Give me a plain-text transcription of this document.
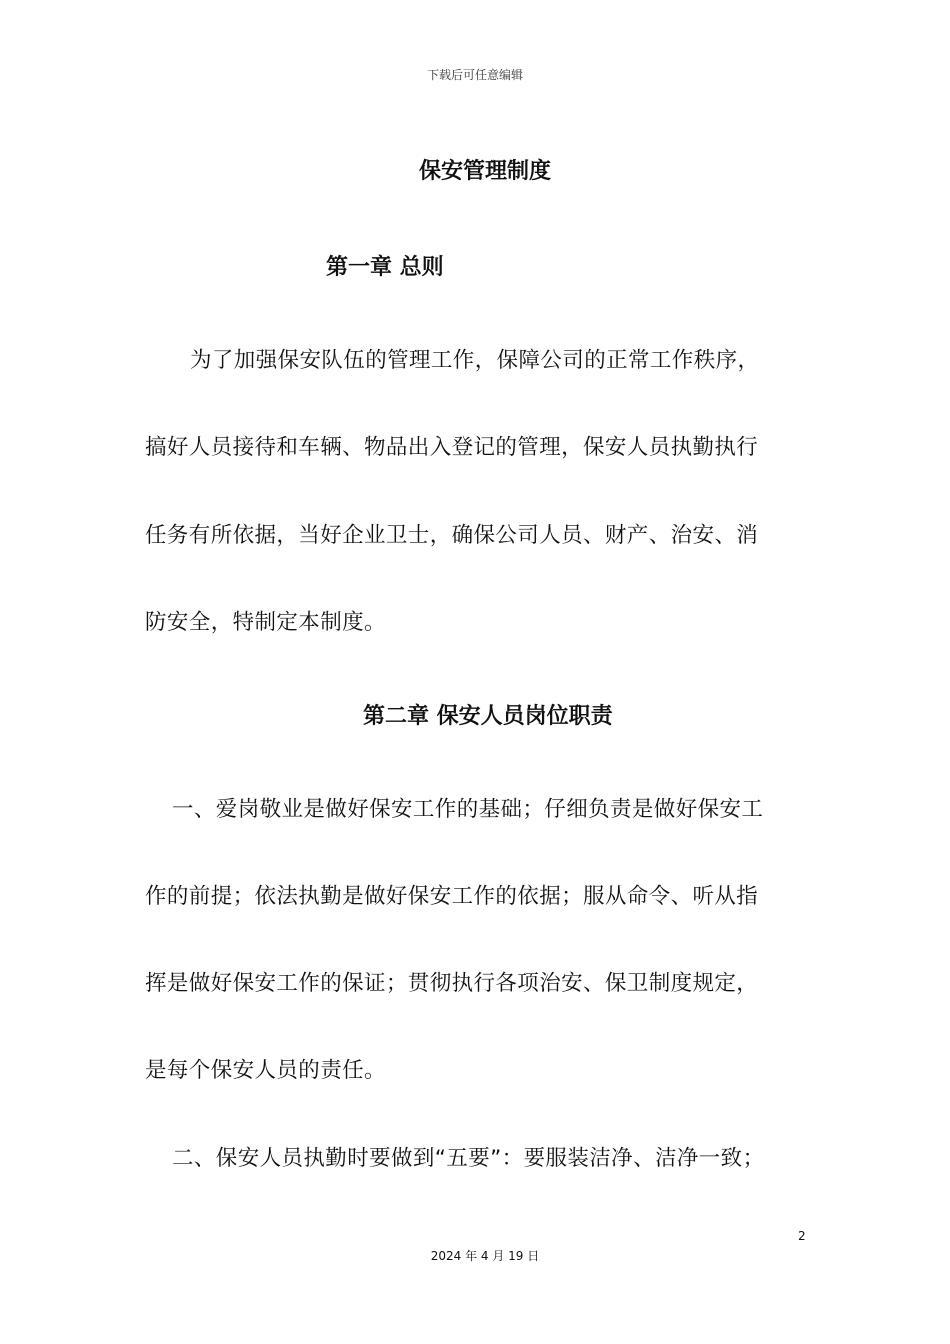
下载后可任意编辑
保安管理制度
第一章 总则
为了加强保安队伍的管理工作，保障公司的正常工作秩序，
搞好人员接待和车辆、物品出入登记的管理，保安人员执勤执行
任务有所依据，当好企业卫士，确保公司人员、财产、治安、消
防安全，特制定本制度。
第二章 保安人员岗位职责
一、爱岗敬业是做好保安工作的基础；仔细负责是做好保安工
作的前提；依法执勤是做好保安工作的依据；服从命令、听从指
挥是做好保安工作的保证；贯彻执行各项治安、保卫制度规定，
是每个保安人员的责任。
二、保安人员执勤时要做到“五要”：要服装洁净、洁净一致；
2
2024 年 4 月 19 日
